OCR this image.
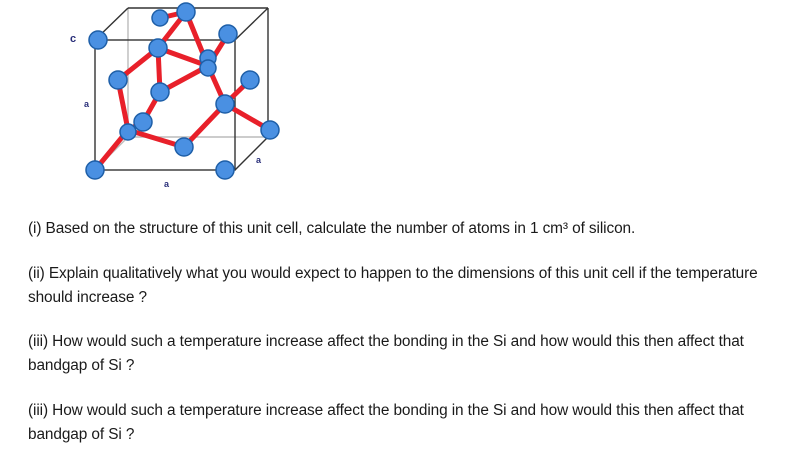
c
a
a
a

(i) Based on the structure of this unit cell, calculate the number of atoms in 1 cm³ of silicon.

(ii) Explain qualitatively what you would expect to happen to the dimensions of this unit cell if the temperature should increase ?

(iii) How would such a temperature increase affect the bonding in the Si and how would this then affect that bandgap of Si ?

(iii) How would such a temperature increase affect the bonding in the Si and how would this then affect that bandgap of Si ?
